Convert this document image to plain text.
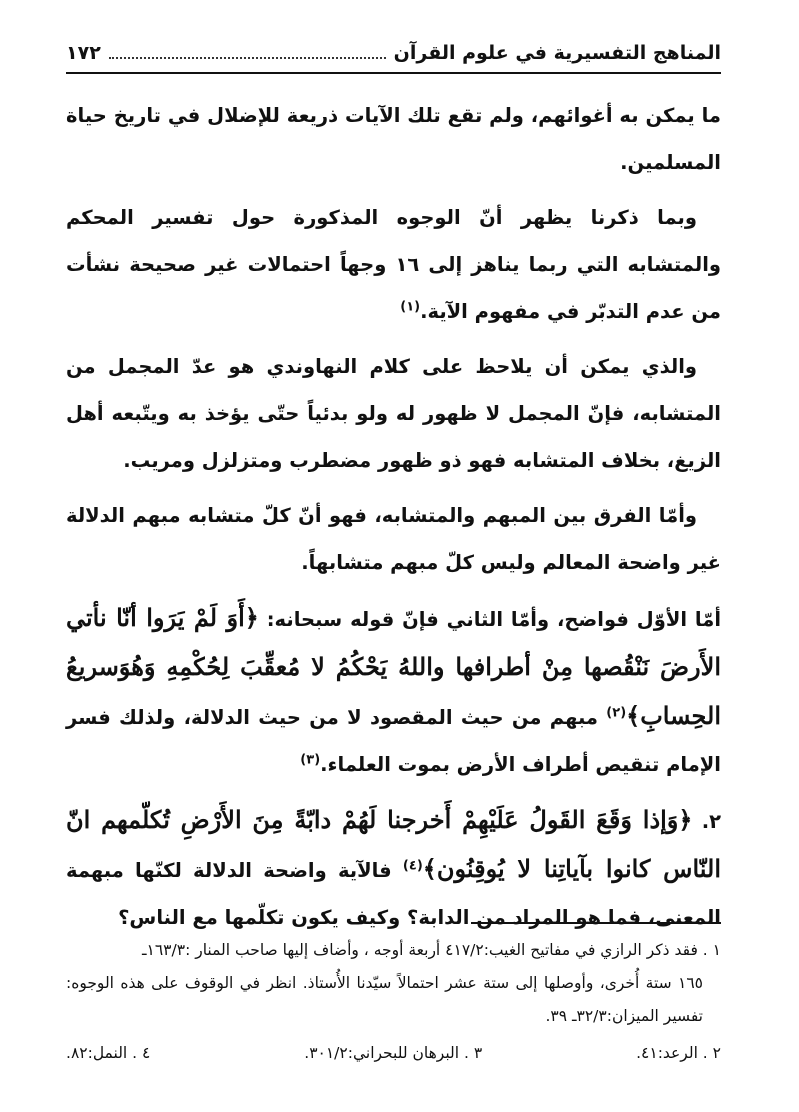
المناهج التفسيرية في علوم القرآن
١٧٢

ما يمكن به أغوائهم، ولم تقع تلك الآيات ذريعة للإضلال في تاريخ حياة المسلمين.

وبما ذكرنا يظهر أنّ الوجوه المذكورة حول تفسير المحكم والمتشابه التي ربما يناهز إلى ١٦ وجهاً احتمالات غير صحيحة نشأت من عدم التدبّر في مفهوم الآية.$^{(١)}$

والذي يمكن أن يلاحظ على كلام النهاوندي هو عدّ المجمل من المتشابه، فإنّ المجمل لا ظهور له ولو بدئياً حتّى يؤخذ به ويتّبعه أهل الزيغ، بخلاف المتشابه فهو ذو ظهور مضطرب ومتزلزل ومريب.

وأمّا الفرق بين المبهم والمتشابه، فهو أنّ كلّ متشابه مبهم الدلالة غير واضحة المعالم وليس كلّ مبهم متشابهاً.

أمّا الأوّل فواضح، وأمّا الثاني فإنّ قوله سبحانه: ﴿أَوَ لَمْ يَرَوا أنّا نأتي الأَرضَ نَنْقُصها مِنْ أطرافها واللهُ يَحْكُمُ لا مُعقِّبَ لِحُكْمِهِ وَهُوَسريعُ الحِسابِ﴾$^{(٢)}$ مبهم من حيث المقصود لا من حيث الدلالة، ولذلك فسر الإمام تنقيص أطراف الأرض بموت العلماء.$^{(٣)}$

٢. ﴿وَإذا وَقَعَ القَولُ عَلَيْهِمْ أَخرجنا لَهُمْ دابّةً مِنَ الأَرْضِ تُكلّمهم انّ النّاس كانوا بآياتِنا لا يُوقِنُون﴾$^{(٤)}$ فالآية واضحة الدلالة لكنّها مبهمة المعنى، فما هو المراد من الدابة؟ وكيف يكون تكلّمها مع الناس؟

١ . فقد ذكر الرازي في مفاتيح الغيب:٤١٧/٢ أربعة أوجه ، وأضاف إليها صاحب المنار :١٦٣/٣ـ
١٦٥ ستة أُخرى، وأوصلها إلى ستة عشر احتمالاً سيّدنا الأُستاذ. انظر في الوقوف على هذه الوجوه: تفسير الميزان:٣٢/٣ـ ٣٩.

٢ . الرعد:٤١.
٣ . البرهان للبحراني:٣٠١/٢.
٤ . النمل:٨٢.
